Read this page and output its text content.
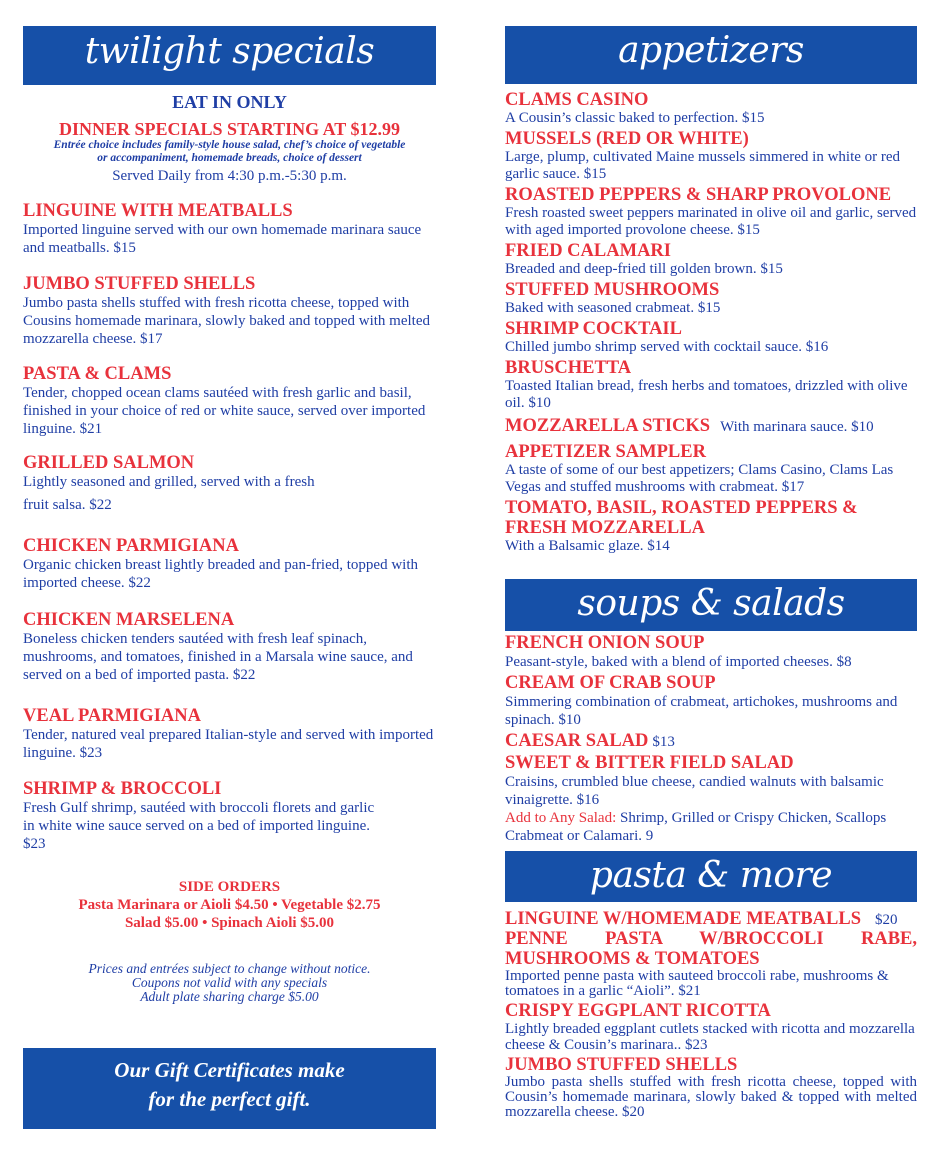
twilight specials
EAT IN ONLY
DINNER SPECIALS STARTING AT $12.99
Entrée choice includes family-style house salad, chef’s choice of vegetable
or accompaniment, homemade breads, choice of dessert
Served Daily from 4:30 p.m.-5:30 p.m.

LINGUINE WITH MEATBALLS

Imported linguine served with our own homemade marinara sauce and meatballs. $15

JUMBO STUFFED SHELLS

Jumbo pasta shells stuffed with fresh ricotta cheese, topped with Cousins homemade marinara, slowly baked and topped with melted mozzarella cheese. $17

PASTA & CLAMS

Tender, chopped ocean clams sautéed with fresh garlic and basil, finished in your choice of red or white sauce, served over imported linguine. $21

GRILLED SALMON

Lightly seasoned and grilled, served with a fresh

fruit salsa. $22

CHICKEN PARMIGIANA

Organic chicken breast lightly breaded and pan-fried, topped with imported cheese. $22

CHICKEN MARSELENA

Boneless chicken tenders sautéed with fresh leaf spinach, mushrooms, and tomatoes, finished in a Marsala wine sauce, and served on a bed of imported pasta. $22

VEAL PARMIGIANA

Tender, natured veal prepared Italian-style and served with imported linguine. $23

SHRIMP & BROCCOLI

Fresh Gulf shrimp, sautéed with broccoli florets and garlic in white wine sauce served on a bed of imported linguine. $23

SIDE ORDERS
Pasta Marinara or Aioli $4.50 • Vegetable $2.75
Salad $5.00 • Spinach Aioli $5.00
Prices and entrées subject to change without notice.
Coupons not valid with any specials
Adult plate sharing charge $5.00
Our Gift Certificates make
for the perfect gift.
appetizers

CLAMS CASINO

A Cousin’s classic baked to perfection. $15

MUSSELS (RED OR WHITE)

Large, plump, cultivated Maine mussels simmered in white or red garlic sauce. $15

ROASTED PEPPERS & SHARP PROVOLONE

Fresh roasted sweet peppers marinated in olive oil and garlic, served with aged imported provolone cheese. $15

FRIED CALAMARI

Breaded and deep-fried till golden brown. $15

STUFFED MUSHROOMS

Baked with seasoned crabmeat. $15

SHRIMP COCKTAIL

Chilled jumbo shrimp served with cocktail sauce. $16

BRUSCHETTA

Toasted Italian bread, fresh herbs and tomatoes, drizzled with olive oil. $10

MOZZARELLA STICKS With marinara sauce. $10

APPETIZER SAMPLER

A taste of some of our best appetizers; Clams Casino, Clams Las Vegas and stuffed mushrooms with crabmeat. $17

TOMATO, BASIL, ROASTED PEPPERS & FRESH MOZZARELLA

With a Balsamic glaze. $14

soups & salads

FRENCH ONION SOUP

Peasant-style, baked with a blend of imported cheeses. $8

CREAM OF CRAB SOUP

Simmering combination of crabmeat, artichokes, mushrooms and spinach. $10

CAESAR SALAD $13

SWEET & BITTER FIELD SALAD

Craisins, crumbled blue cheese, candied walnuts with balsamic vinaigrette. $16

Add to Any Salad: Shrimp, Grilled or Crispy Chicken, Scallops Crabmeat or Calamari. 9

pasta & more
LINGUINE W/HOMEMADE MEATBALLS $20

PENNE PASTA W/BROCCOLI RABE, MUSHROOMS & TOMATOES

Imported penne pasta with sauteed broccoli rabe, mushrooms & tomatoes in a garlic “Aioli”. $21

CRISPY EGGPLANT RICOTTA

Lightly breaded eggplant cutlets stacked with ricotta and mozzarella cheese & Cousin’s marinara.. $23

JUMBO STUFFED SHELLS

Jumbo pasta shells stuffed with fresh ricotta cheese, topped with Cousin’s homemade marinara, slowly baked & topped with melted mozzarella cheese. $20
